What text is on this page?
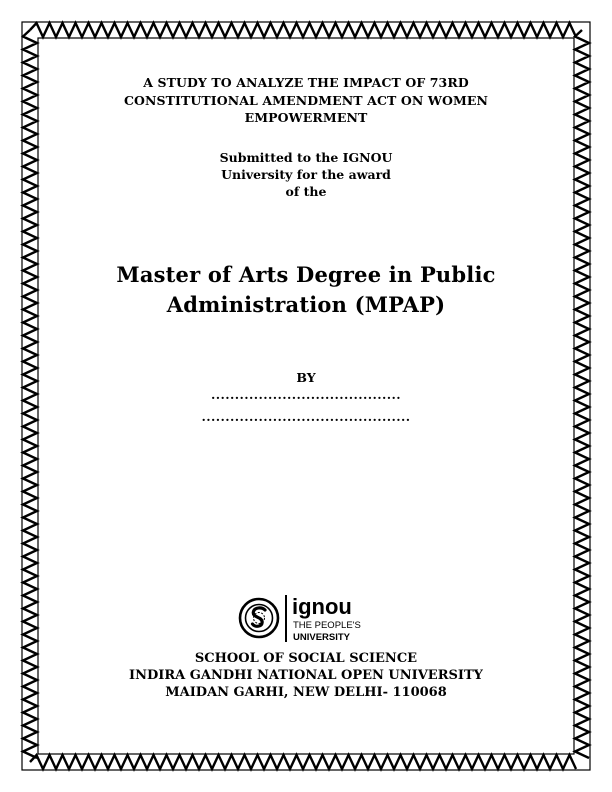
A STUDY TO ANALYZE THE IMPACT OF 73RD
CONSTITUTIONAL AMENDMENT ACT ON WOMEN
EMPOWERMENT
Submitted to the IGNOU
University for the award
of the
Master of Arts Degree in Public
Administration (MPAP)
BY
........................................
............................................
ignou
THE PEOPLE'S
UNIVERSITY
SCHOOL OF SOCIAL SCIENCE
INDIRA GANDHI NATIONAL OPEN UNIVERSITY
MAIDAN GARHI, NEW DELHI- 110068
